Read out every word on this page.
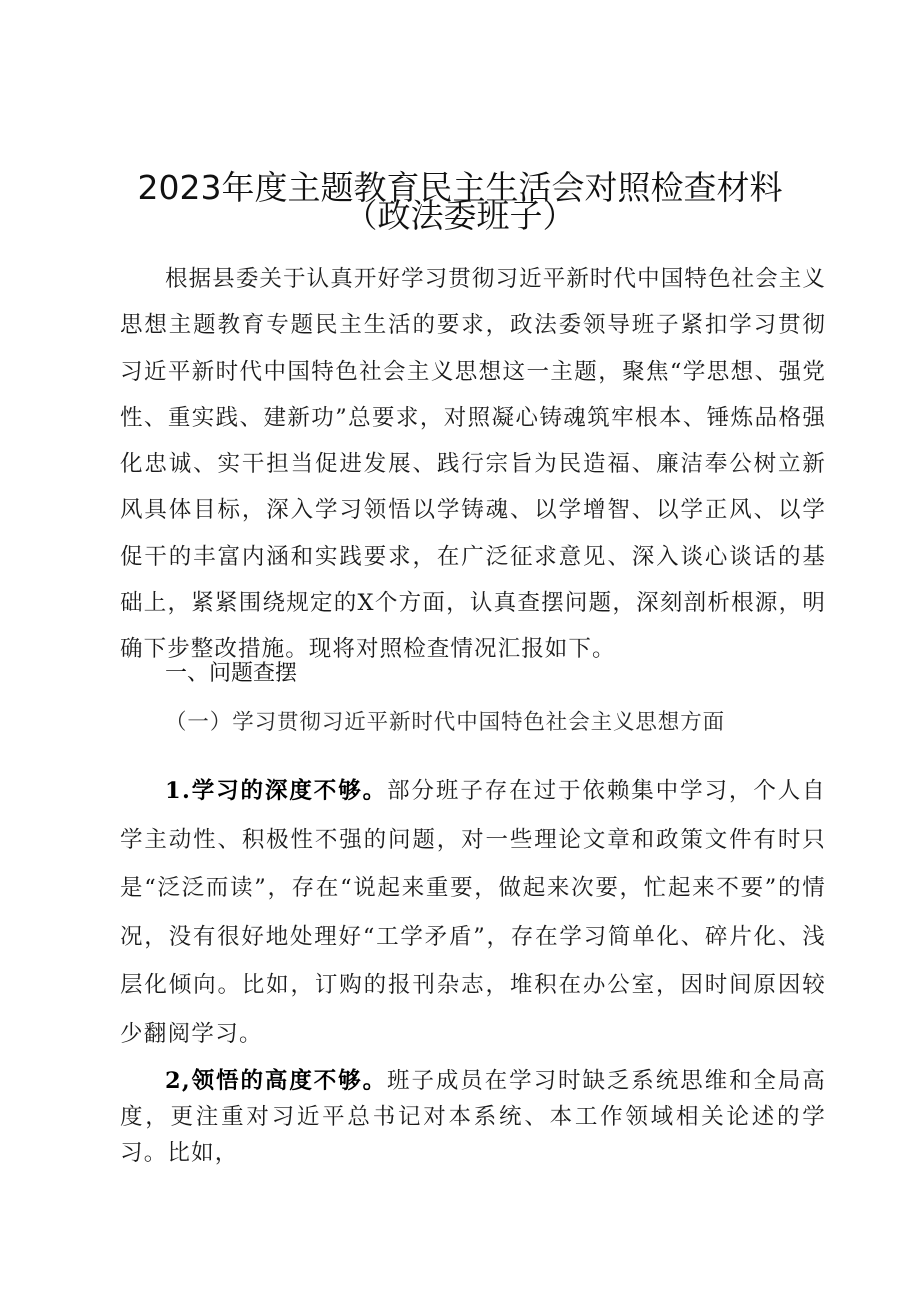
2023年度主题教育民主生活会对照检查材料
（政法委班子）

根据县委关于认真开好学习贯彻习近平新时代中国特色社会主义思想主题教育专题民主生活的要求，政法委领导班子紧扣学习贯彻习近平新时代中国特色社会主义思想这一主题，聚焦“学思想、强党性、重实践、建新功”总要求，对照凝心铸魂筑牢根本、锤炼品格强化忠诚、实干担当促进发展、践行宗旨为民造福、廉洁奉公树立新风具体目标，深入学习领悟以学铸魂、以学增智、以学正风、以学促干的丰富内涵和实践要求，在广泛征求意见、深入谈心谈话的基础上，紧紧围绕规定的X个方面，认真查摆问题，深刻剖析根源，明确下步整改措施。现将对照检查情况汇报如下。

一、问题查摆

（一）学习贯彻习近平新时代中国特色社会主义思想方面

1.学习的深度不够。部分班子存在过于依赖集中学习，个人自学主动性、积极性不强的问题，对一些理论文章和政策文件有时只是“泛泛而读”，存在“说起来重要，做起来次要，忙起来不要”的情况，没有很好地处理好“工学矛盾”，存在学习简单化、碎片化、浅层化倾向。比如，订购的报刊杂志，堆积在办公室，因时间原因较少翻阅学习。

2,领悟的高度不够。班子成员在学习时缺乏系统思维和全局高度，更注重对习近平总书记对本系统、本工作领域相关论述的学习。比如，
